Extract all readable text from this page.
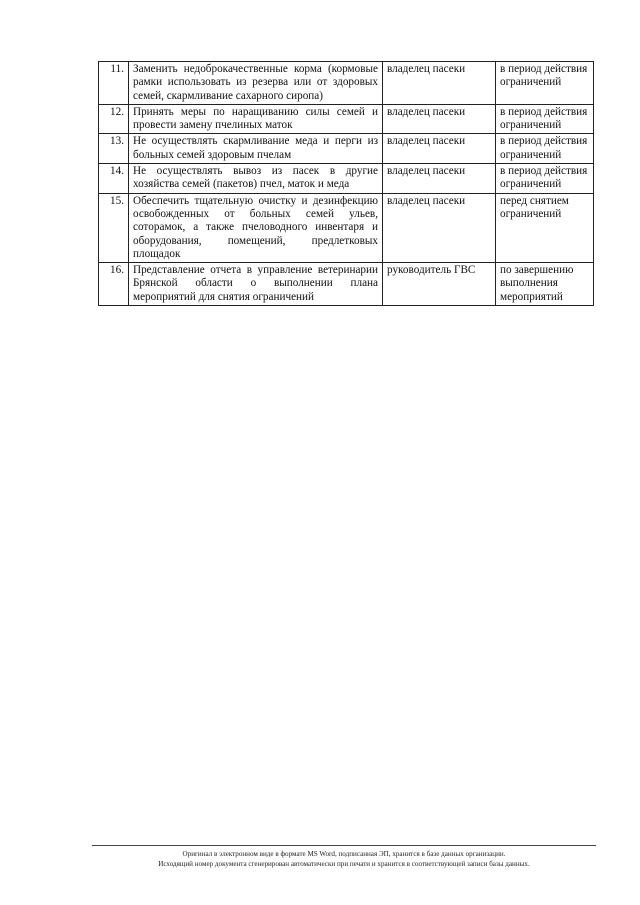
11.	Заменить недоброкачественные корма (кормовые рамки использовать из резерва или от здоровых семей, скармливание сахарного сиропа)	владелец пасеки	в период действия ограничений
12.	Принять меры по наращиванию силы семей и провести замену пчелиных маток	владелец пасеки	в период действия ограничений
13.	Не осуществлять скармливание меда и перги из больных семей здоровым пчелам	владелец пасеки	в период действия ограничений
14.	Не осуществлять вывоз из пасек в другие хозяйства семей (пакетов) пчел, маток и меда	владелец пасеки	в период действия ограничений
15.	Обеспечить тщательную очистку и дезинфекцию освобожденных от больных семей ульев, сотoрамок, а также пчеловодного инвентаря и оборудования, помещений, предлетковых площадок	владелец пасеки	перед снятием ограничений
16.	Представление отчета в управление ветеринарии Брянской области о выполнении плана мероприятий для снятия ограничений	руководитель ГВС	по завершению выполнения мероприятий
Оригинал в электронном виде в формате MS Word, подписанная ЭП, хранится в базе данных организации.
Исходящий номер документа сгенерирован автоматически при печати и хранится в соответствующей записи базы данных.
